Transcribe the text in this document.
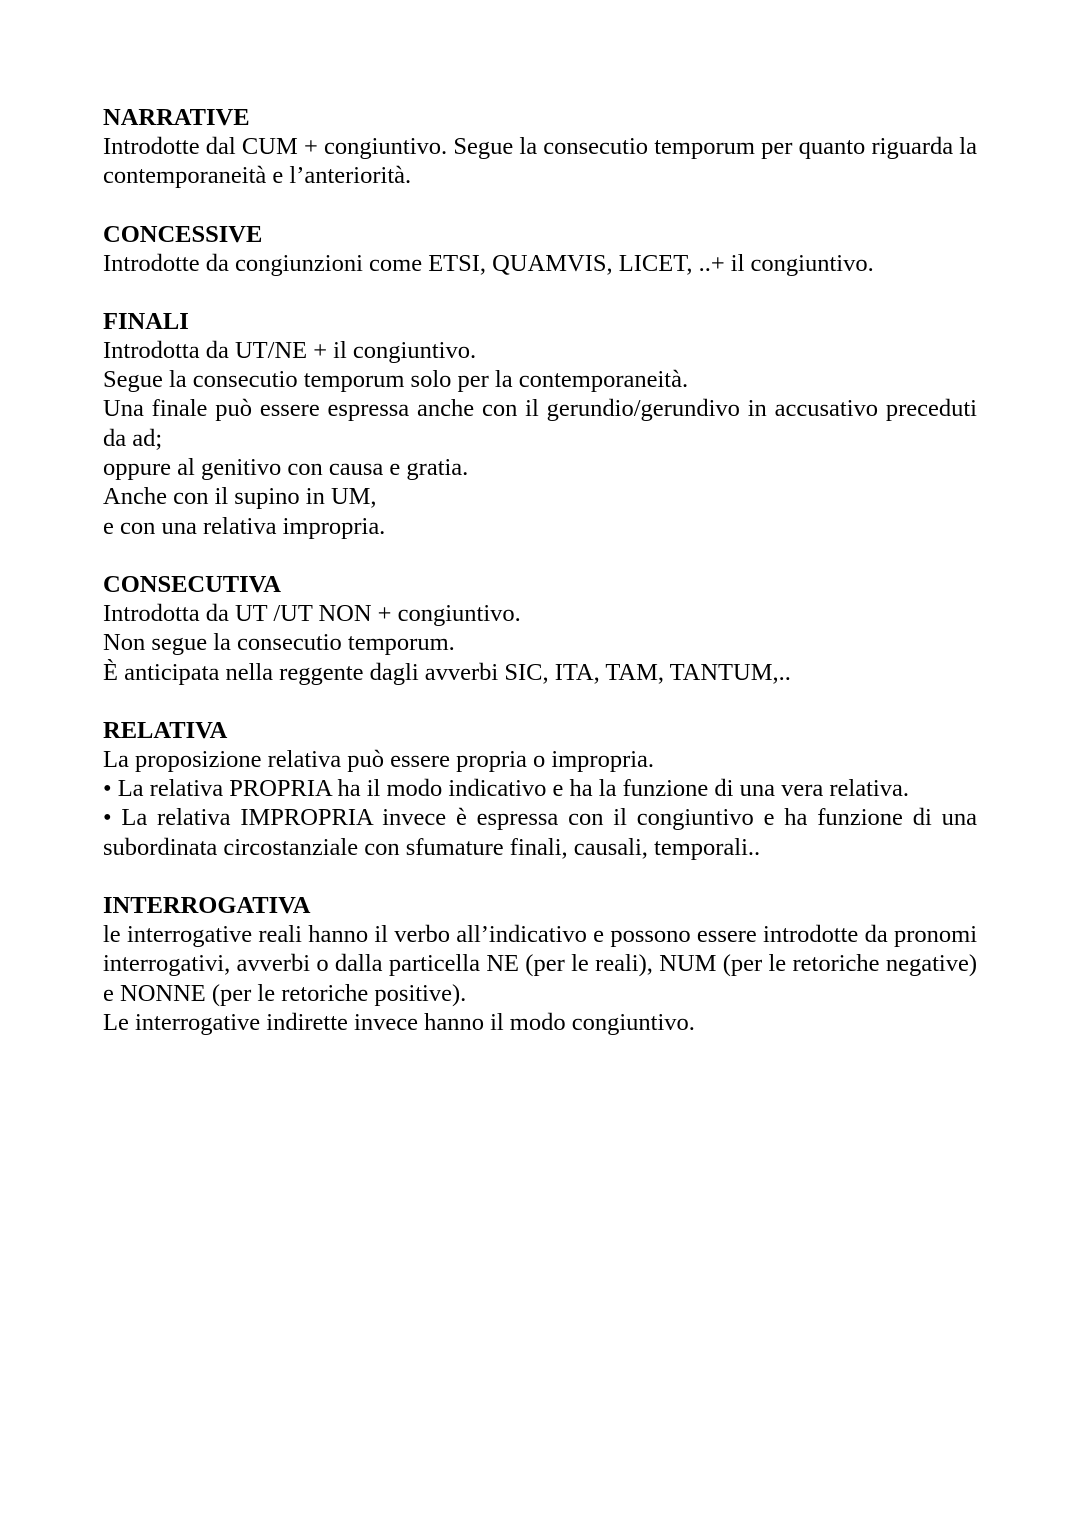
NARRATIVE

Introdotte dal CUM + congiuntivo. Segue la consecutio temporum per quanto riguarda la contemporaneità e l’anteriorità.

CONCESSIVE

Introdotte da congiunzioni come ETSI, QUAMVIS, LICET, ..+ il congiuntivo.

FINALI

Introdotta da UT/NE + il congiuntivo.

Segue la consecutio temporum solo per la contemporaneità.

Una finale può essere espressa anche con il gerundio/gerundivo in accusativo preceduti da ad;

oppure al genitivo con causa e gratia.

Anche con il supino in UM,

e con una relativa impropria.

CONSECUTIVA

Introdotta da UT /UT NON + congiuntivo.

Non segue la consecutio temporum.

È anticipata nella reggente dagli avverbi SIC, ITA, TAM, TANTUM,..

RELATIVA

La proposizione relativa può essere propria o impropria.

• La relativa PROPRIA ha il modo indicativo e ha la funzione di una vera relativa.

• La relativa IMPROPRIA invece è espressa con il congiuntivo e ha funzione di una subordinata circostanziale con sfumature finali, causali, temporali..

INTERROGATIVA

le interrogative reali hanno il verbo all’indicativo e possono essere introdotte da pronomi interrogativi, avverbi o dalla particella NE (per le reali), NUM (per le retoriche negative) e NONNE (per le retoriche positive).

Le interrogative indirette invece hanno il modo congiuntivo.
